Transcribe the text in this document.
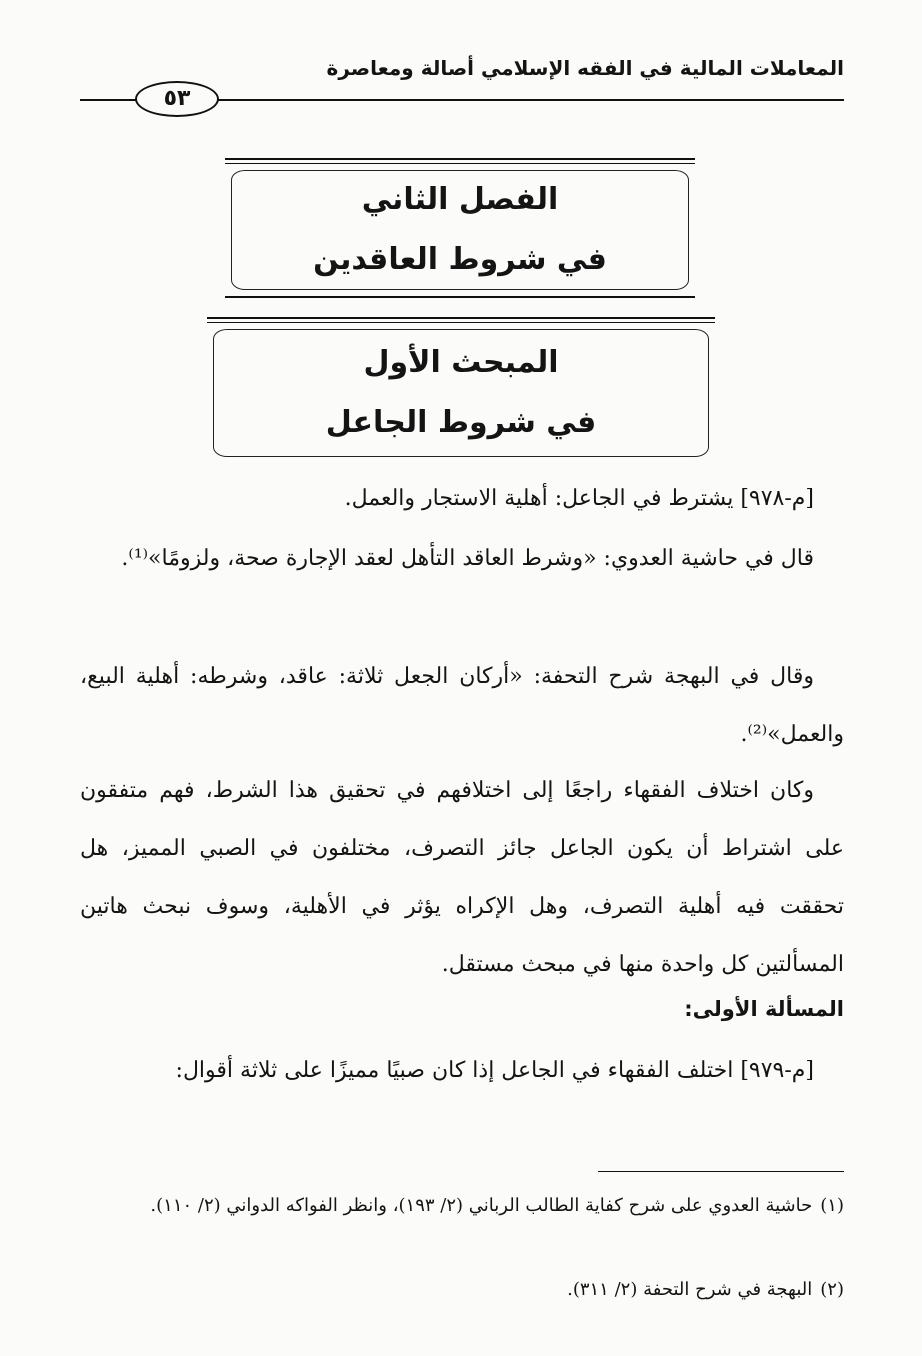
المعاملات المالية في الفقه الإسلامي أصالة ومعاصرة
٥٣
الفصل الثاني
في شروط العاقدين
المبحث الأول
في شروط الجاعل
[م-٩٧٨] يشترط في الجاعل: أهلية الاستجار والعمل.
قال في حاشية العدوي: «وشرط العاقد التأهل لعقد الإجارة صحة، ولزومًا»⁽¹⁾.
وقال في البهجة شرح التحفة: «أركان الجعل ثلاثة: عاقد، وشرطه: أهلية البيع، والعمل»⁽²⁾.
وكان اختلاف الفقهاء راجعًا إلى اختلافهم في تحقيق هذا الشرط، فهم متفقون على اشتراط أن يكون الجاعل جائز التصرف، مختلفون في الصبي المميز، هل تحققت فيه أهلية التصرف، وهل الإكراه يؤثر في الأهلية، وسوف نبحث هاتين المسألتين كل واحدة منها في مبحث مستقل.
المسألة الأولى:
[م-٩٧٩] اختلف الفقهاء في الجاعل إذا كان صبيًا مميزًا على ثلاثة أقوال:
(١)حاشية العدوي على شرح كفاية الطالب الرباني (٢/ ١٩٣)، وانظر الفواكه الدواني (٢/ ١١٠).
(٢)البهجة في شرح التحفة (٢/ ٣١١).
